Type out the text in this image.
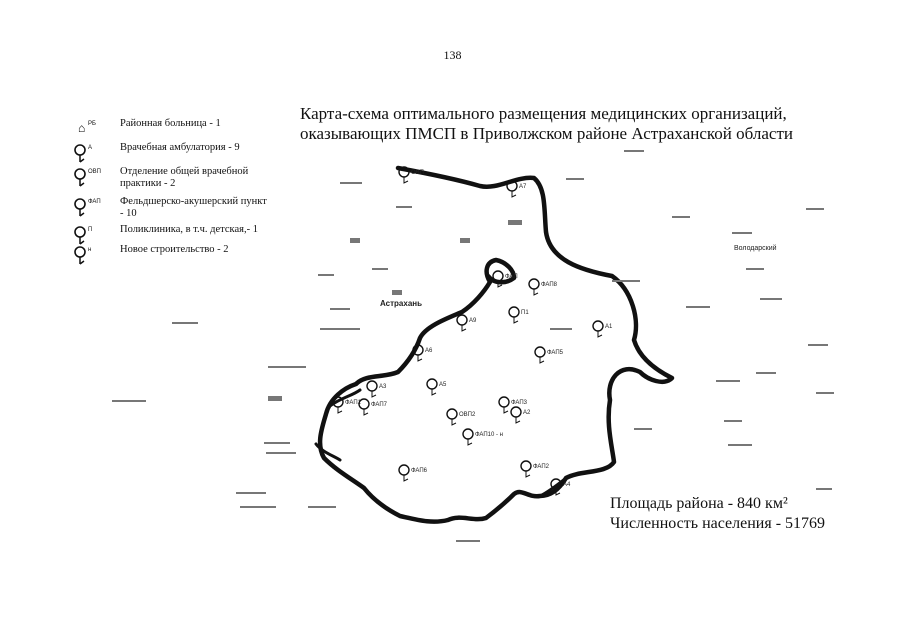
138
Карта-схема оптимального размещения медицинских организаций,
оказывающих ПМСП в Приволжском районе Астраханской области
⌂ РБ Районная больница - 1
А	Врачебная амбулатория - 9
ОВП Отделение общей врачебной практики - 2
ФАП Фельдшерско-акушерский пункт - 10
П	Поликлиника, в т.ч. детская,- 1
н	Новое строительство - 2
ОВП
А7
ФАП
ФАП8
П1
А9
А1
А6	ФАП5
А3	А5
ФАП1 ФАП7
ОВП2
ФАП3
А2
ФАП10 - н
ФАП6
ФАП2
А4
Астрахань
Володарский
Площадь района - 840 км²
Численность населения - 51769
